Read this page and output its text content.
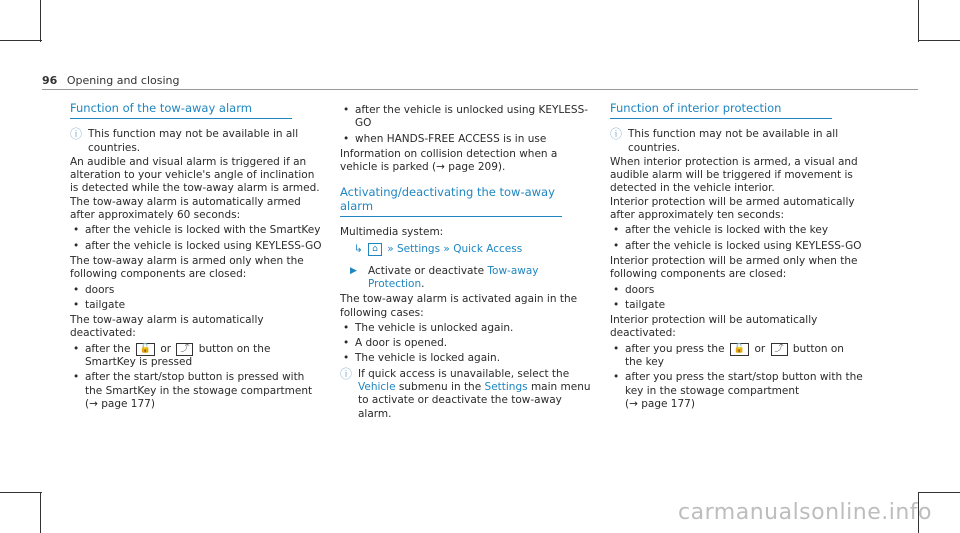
96 Opening and closing
Function of the tow-away alarm
ⓘ This function may not be available in all countries.

An audible and visual alarm is triggered if an alteration to your vehicle's angle of inclination is detected while the tow-away alarm is armed.

The tow-away alarm is automatically armed after approximately 60 seconds:

• after the vehicle is locked with the SmartKey
• after the vehicle is locked using KEYLESS-GO

The tow-away alarm is armed only when the following components are closed:

• doors
• tailgate

The tow-away alarm is automatically deactivated:

• after the 🔓 or ⤴ button on the SmartKey is pressed
• after the start/stop button is pressed with the SmartKey in the stowage compartment
(→ page 177)
• after the vehicle is unlocked using KEYLESS-GO
• when HANDS-FREE ACCESS is in use

Information on collision detection when a vehicle is parked (→ page 209).

Activating/deactivating the tow-away alarm

Multimedia system:

↳ ⌂ » Settings » Quick Access
▶	Activate or deactivate Tow-away Protection.

The tow-away alarm is activated again in the following cases:

• The vehicle is unlocked again.
• A door is opened.
• The vehicle is locked again.
ⓘ If quick access is unavailable, select the Vehicle submenu in the Settings main menu to activate or deactivate the tow-away alarm.
Function of interior protection
ⓘ This function may not be available in all countries.

When interior protection is armed, a visual and audible alarm will be triggered if movement is detected in the vehicle interior.

Interior protection will be armed automatically after approximately ten seconds:

• after the vehicle is locked with the key
• after the vehicle is locked using KEYLESS-GO

Interior protection will be armed only when the following components are closed:

• doors
• tailgate

Interior protection will be automatically deactivated:

• after you press the 🔓 or ⤴ button on the key
• after you press the start/stop button with the key in the stowage compartment
(→ page 177)
carmanualsonline.info
